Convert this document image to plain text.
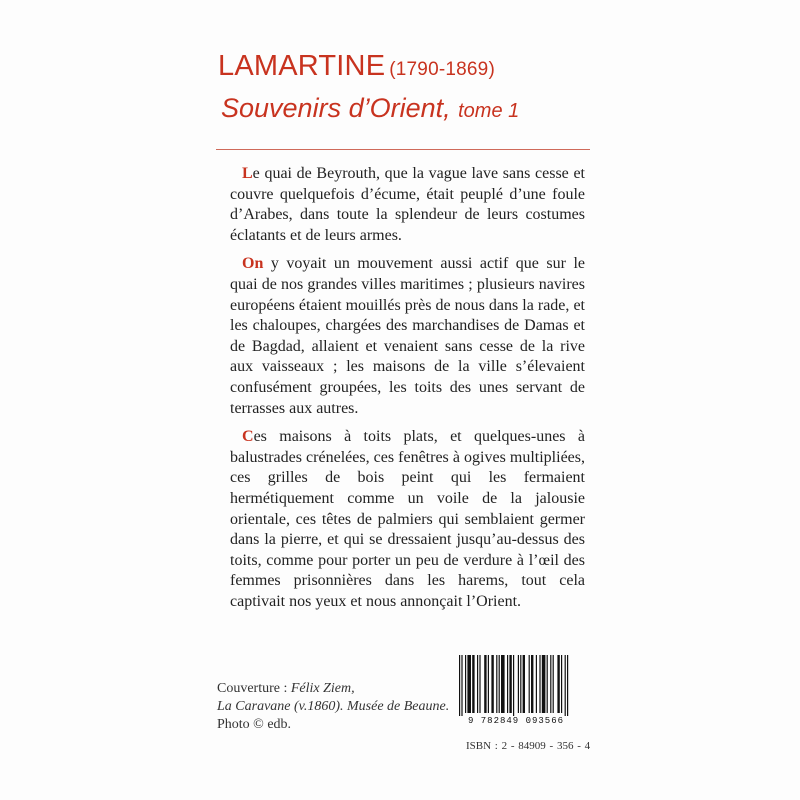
LAMARTINE (1790-1869)
Souvenirs d’Orient, tome 1

Le quai de Beyrouth, que la vague lave sans cesse et couvre quelquefois d’écume, était peuplé d’une foule d’Arabes, dans toute la splendeur de leurs costumes éclatants et de leurs armes.

On y voyait un mouvement aussi actif que sur le quai de nos grandes villes maritimes ; plusieurs navires européens étaient mouillés près de nous dans la rade, et les chaloupes, chargées des marchandises de Damas et de Bagdad, allaient et venaient sans cesse de la rive aux vaisseaux ; les maisons de la ville s’élevaient confusément groupées, les toits des unes servant de terrasses aux autres.

Ces maisons à toits plats, et quelques-unes à balustrades crénelées, ces fenêtres à ogives multipliées, ces grilles de bois peint qui les fermaient hermétiquement comme un voile de la jalousie orientale, ces têtes de palmiers qui semblaient germer dans la pierre, et qui se dressaient jusqu’au-dessus des toits, comme pour porter un peu de verdure à l’œil des femmes prisonnières dans les harems, tout cela captivait nos yeux et nous annonçait l’Orient.

Couverture : Félix Ziem,
La Caravane (v.1860). Musée de Beaune.
Photo © edb.	9 782849 093566
ISBN : 2 - 84909 - 356 - 4
